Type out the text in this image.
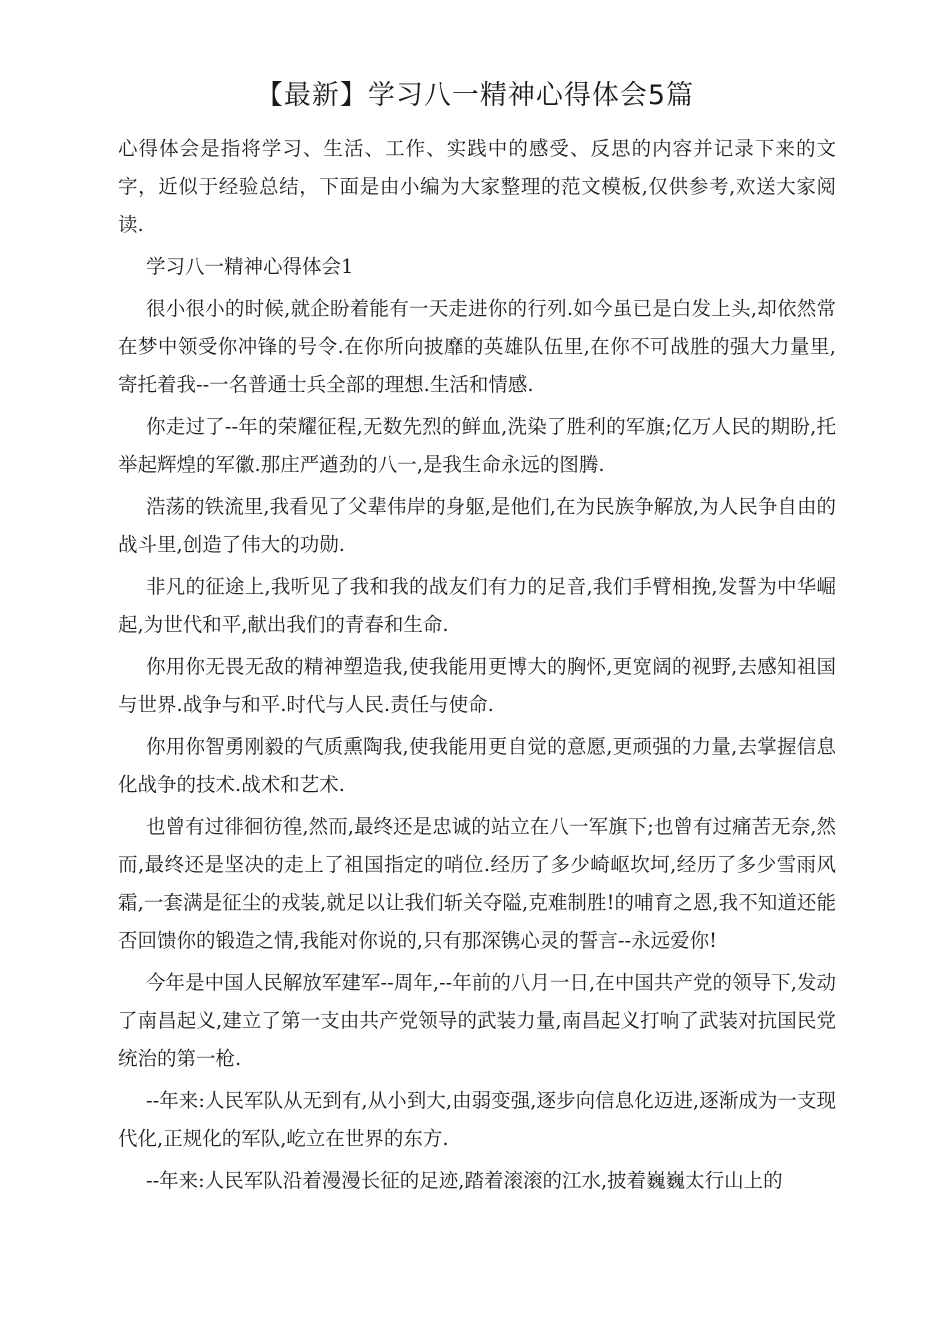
【最新】学习八一精神心得体会5篇

心得体会是指将学习、生活、工作、实践中的感受、反思的内容并记录下来的文字，近似于经验总结，下面是由小编为大家整理的范文模板,仅供参考,欢送大家阅读.

学习八一精神心得体会1

很小很小的时候,就企盼着能有一天走进你的行列.如今虽已是白发上头,却依然常在梦中领受你冲锋的号令.在你所向披靡的英雄队伍里,在你不可战胜的强大力量里,寄托着我--一名普通士兵全部的理想.生活和情感.

你走过了--年的荣耀征程,无数先烈的鲜血,洗染了胜利的军旗;亿万人民的期盼,托举起辉煌的军徽.那庄严遒劲的八一,是我生命永远的图腾.

浩荡的铁流里,我看见了父辈伟岸的身躯,是他们,在为民族争解放,为人民争自由的战斗里,创造了伟大的功勋.

非凡的征途上,我听见了我和我的战友们有力的足音,我们手臂相挽,发誓为中华崛起,为世代和平,献出我们的青春和生命.

你用你无畏无敌的精神塑造我,使我能用更博大的胸怀,更宽阔的视野,去感知祖国与世界.战争与和平.时代与人民.责任与使命.

你用你智勇刚毅的气质熏陶我,使我能用更自觉的意愿,更顽强的力量,去掌握信息化战争的技术.战术和艺术.

也曾有过徘徊彷徨,然而,最终还是忠诚的站立在八一军旗下;也曾有过痛苦无奈,然而,最终还是坚决的走上了祖国指定的哨位.经历了多少崎岖坎坷,经历了多少雪雨风霜,一套满是征尘的戎装,就足以让我们斩关夺隘,克难制胜!的哺育之恩,我不知道还能否回馈你的锻造之情,我能对你说的,只有那深镌心灵的誓言--永远爱你!

今年是中国人民解放军建军--周年,--年前的八月一日,在中国共产党的领导下,发动了南昌起义,建立了第一支由共产党领导的武装力量,南昌起义打响了武装对抗国民党统治的第一枪.

--年来:人民军队从无到有,从小到大,由弱变强,逐步向信息化迈进,逐渐成为一支现代化,正规化的军队,屹立在世界的东方.

--年来:人民军队沿着漫漫长征的足迹,踏着滚滚的江水,披着巍巍太行山上的
